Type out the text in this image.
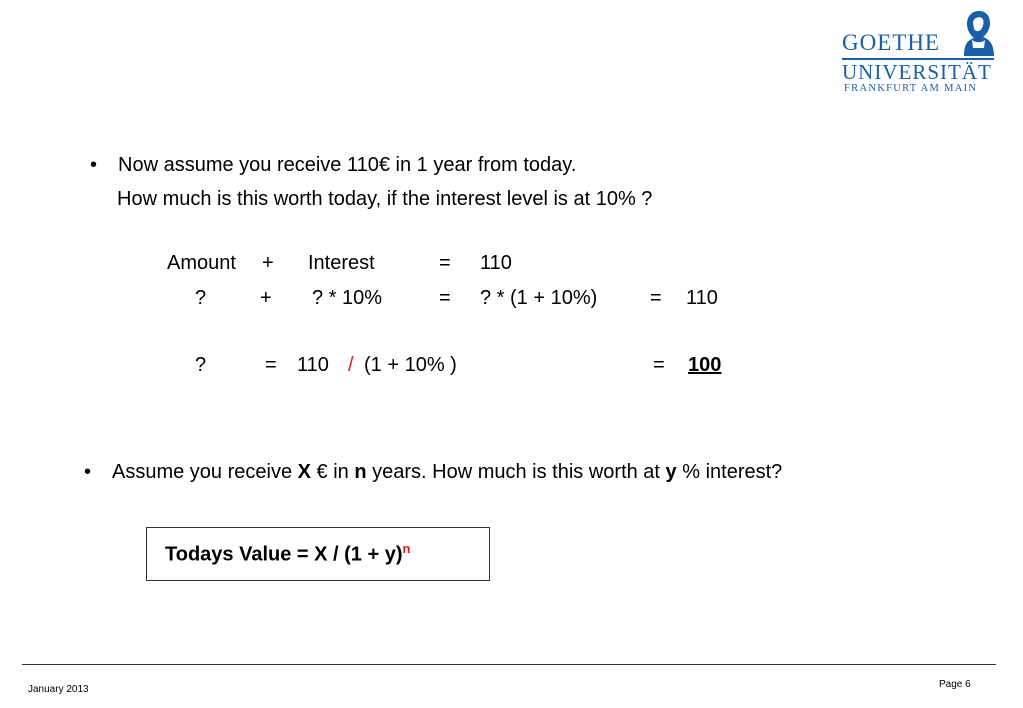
GOETHE
UNIVERSITÄT
FRANKFURT AM MAIN
• Now assume you receive 110€ in 1 year from today.
How much is this worth today, if the interest level is at 10% ?
Amount + Interest	= 110
?	+ ? * 10%	= ? * (1 + 10%)	= 110
?	= 110 / (1 + 10% )	= 100
• Assume you receive X € in n years. How much is this worth at y % interest?
Todays Value = $X / (1 + y)^n$
January 2013	Page 6
